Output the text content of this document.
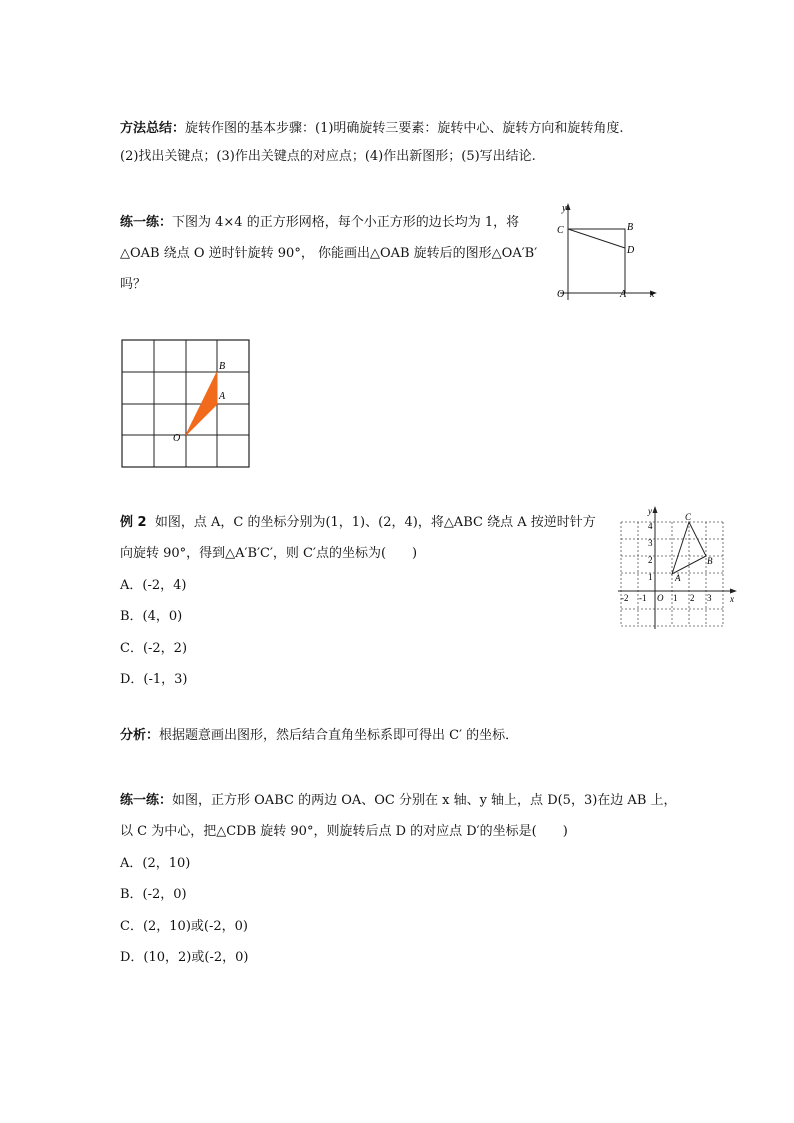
方法总结：旋转作图的基本步骤：(1)明确旋转三要素：旋转中心、旋转方向和旋转角度.
(2)找出关键点；(3)作出关键点的对应点；(4)作出新图形；(5)写出结论.
练一练：下图为 4×4 的正方形网格，每个小正方形的边长均为 1，将
△OAB 绕点 O 逆时针旋转 90°， 你能画出△OAB 旋转后的图形△OA′B′
吗？
y
C	B
D
O	A x
B
A
O
例 2 如图，点 A，C 的坐标分别为(1，1)、(2，4)，将△ABC 绕点 A 按逆时针方
向旋转 90°，得到△A′B′C′，则 C′点的坐标为(　　)
A．(-2，4)
B．(4，0)
C．(-2，2)
D．(-1，3)
y
x
-2 -1 O 1 2 3
4
3
2
1
C
B
A
分析：根据题意画出图形，然后结合直角坐标系即可得出 C′ 的坐标．
练一练：如图，正方形 OABC 的两边 OA、OC 分别在 x 轴、y 轴上，点 D(5，3)在边 AB 上，
以 C 为中心，把△CDB 旋转 90°，则旋转后点 D 的对应点 D′的坐标是(　　)
A．(2，10)
B．(-2，0)
C．(2，10)或(-2，0)
D．(10，2)或(-2，0)
